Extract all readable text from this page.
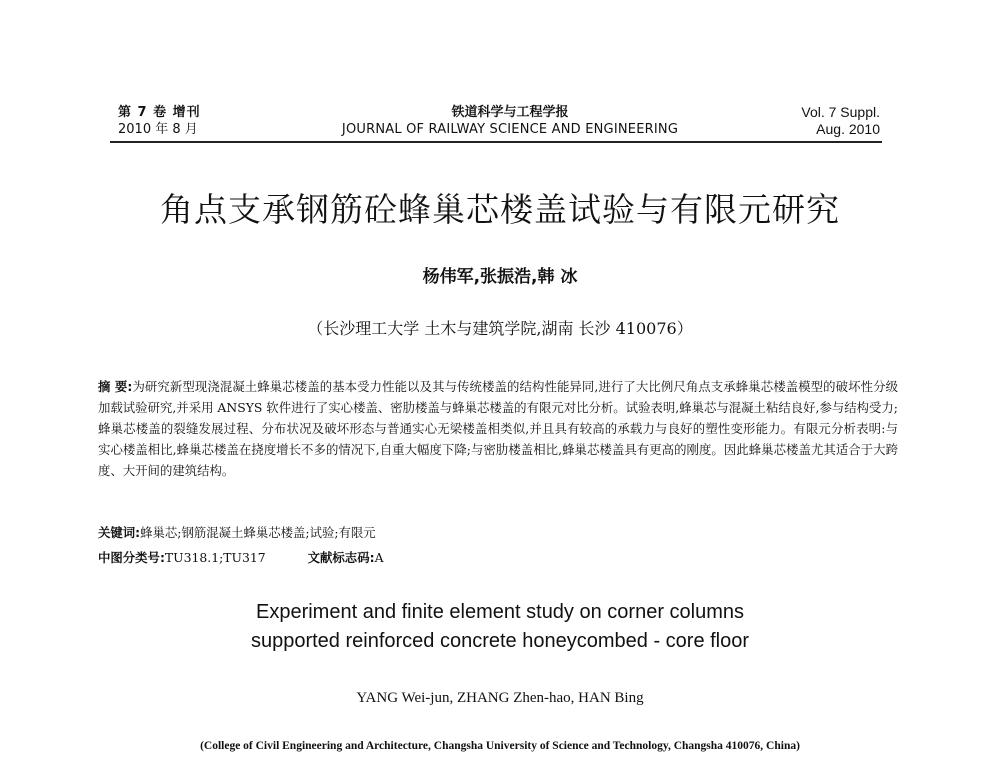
第 7 卷 增刊
2010 年 8 月
铁道科学与工程学报
JOURNAL OF RAILWAY SCIENCE AND ENGINEERING
Vol. 7 Suppl.
Aug. 2010
角点支承钢筋砼蜂巢芯楼盖试验与有限元研究
杨伟军,张振浩,韩 冰
（长沙理工大学 土木与建筑学院,湖南 长沙 410076）
摘 要:为研究新型现浇混凝土蜂巢芯楼盖的基本受力性能以及其与传统楼盖的结构性能异同,进行了大比例尺角点支承蜂巢芯楼盖模型的破坏性分级加载试验研究,并采用 ANSYS 软件进行了实心楼盖、密肋楼盖与蜂巢芯楼盖的有限元对比分析。试验表明,蜂巢芯与混凝土粘结良好,参与结构受力;蜂巢芯楼盖的裂缝发展过程、分布状况及破坏形态与普通实心无梁楼盖相类似,并且具有较高的承载力与良好的塑性变形能力。有限元分析表明:与实心楼盖相比,蜂巢芯楼盖在挠度增长不多的情况下,自重大幅度下降;与密肋楼盖相比,蜂巢芯楼盖具有更高的刚度。因此蜂巢芯楼盖尤其适合于大跨度、大开间的建筑结构。
关键词:蜂巢芯;钢筋混凝土蜂巢芯楼盖;试验;有限元
中图分类号:TU318.1;TU317	文献标志码:A
Experiment and finite element study on corner columns
supported reinforced concrete honeycombed - core floor
YANG Wei-jun, ZHANG Zhen-hao, HAN Bing
(College of Civil Engineering and Architecture, Changsha University of Science and Technology, Changsha 410076, China)
